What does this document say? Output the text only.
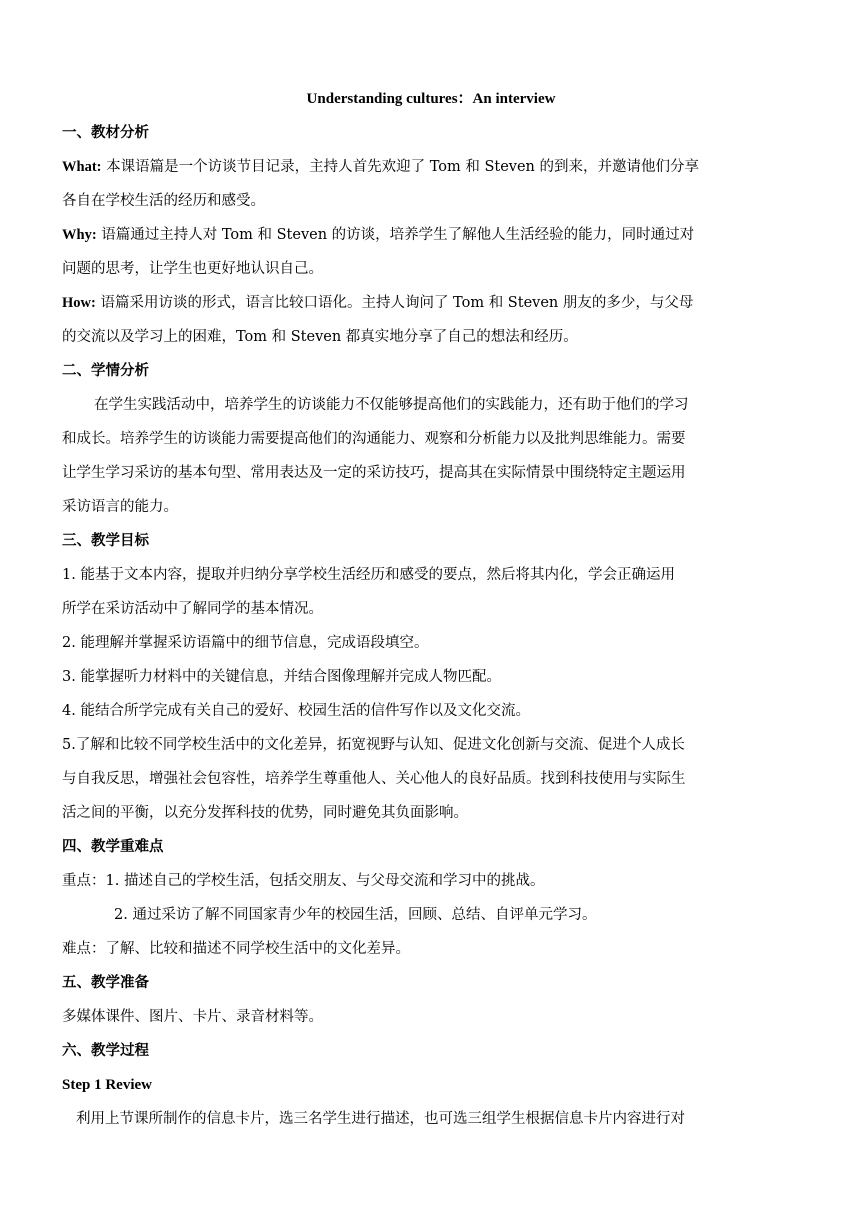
Understanding cultures：An interview
一、教材分析
What: 本课语篇是一个访谈节目记录，主持人首先欢迎了 Tom 和 Steven 的到来，并邀请他们分享
各自在学校生活的经历和感受。
Why: 语篇通过主持人对 Tom 和 Steven 的访谈，培养学生了解他人生活经验的能力，同时通过对
问题的思考，让学生也更好地认识自己。
How: 语篇采用访谈的形式，语言比较口语化。主持人询问了 Tom 和 Steven 朋友的多少，与父母
的交流以及学习上的困难，Tom 和 Steven 都真实地分享了自己的想法和经历。
二、学情分析
在学生实践活动中，培养学生的访谈能力不仅能够提高他们的实践能力，还有助于他们的学习
和成长。培养学生的访谈能力需要提高他们的沟通能力、观察和分析能力以及批判思维能力。需要
让学生学习采访的基本句型、常用表达及一定的采访技巧，提高其在实际情景中围绕特定主题运用
采访语言的能力。
三、教学目标
1. 能基于文本内容，提取并归纳分享学校生活经历和感受的要点，然后将其内化，学会正确运用
所学在采访活动中了解同学的基本情况。
2. 能理解并掌握采访语篇中的细节信息，完成语段填空。
3. 能掌握听力材料中的关键信息，并结合图像理解并完成人物匹配。
4. 能结合所学完成有关自己的爱好、校园生活的信件写作以及文化交流。
5.了解和比较不同学校生活中的文化差异，拓宽视野与认知、促进文化创新与交流、促进个人成长
与自我反思，增强社会包容性，培养学生尊重他人、关心他人的良好品质。找到科技使用与实际生
活之间的平衡，以充分发挥科技的优势，同时避免其负面影响。
四、教学重难点
重点：1. 描述自己的学校生活，包括交朋友、与父母交流和学习中的挑战。
2. 通过采访了解不同国家青少年的校园生活，回顾、总结、自评单元学习。
难点：了解、比较和描述不同学校生活中的文化差异。
五、教学准备
多媒体课件、图片、卡片、录音材料等。
六、教学过程
Step 1 Review
利用上节课所制作的信息卡片，选三名学生进行描述，也可选三组学生根据信息卡片内容进行对
